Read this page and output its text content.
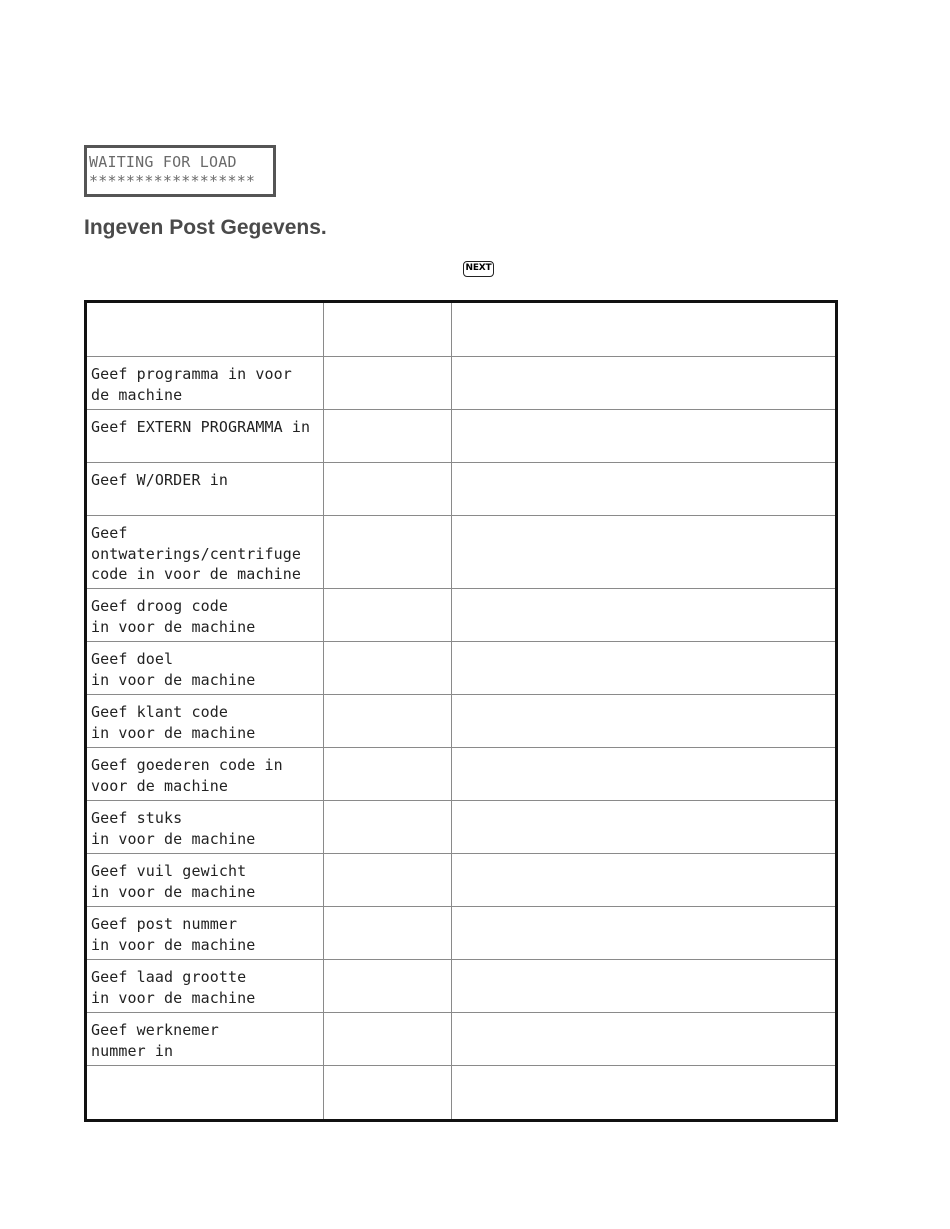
WAITING FOR LOAD
******************
Ingeven Post Gegevens.
NEXT

Geef programma in voor
de machine		

Geef EXTERN PROGRAMMA in		

Geef W/ORDER in		

Geef
ontwaterings/centrifuge
code in voor de machine		

Geef droog code
in voor de machine		

Geef doel
in voor de machine		

Geef klant code
in voor de machine		

Geef goederen code in
voor de machine		

Geef stuks
in voor de machine		

Geef vuil gewicht
in voor de machine		

Geef post nummer
in voor de machine		

Geef laad grootte
in voor de machine		

Geef werknemer
nummer in		
